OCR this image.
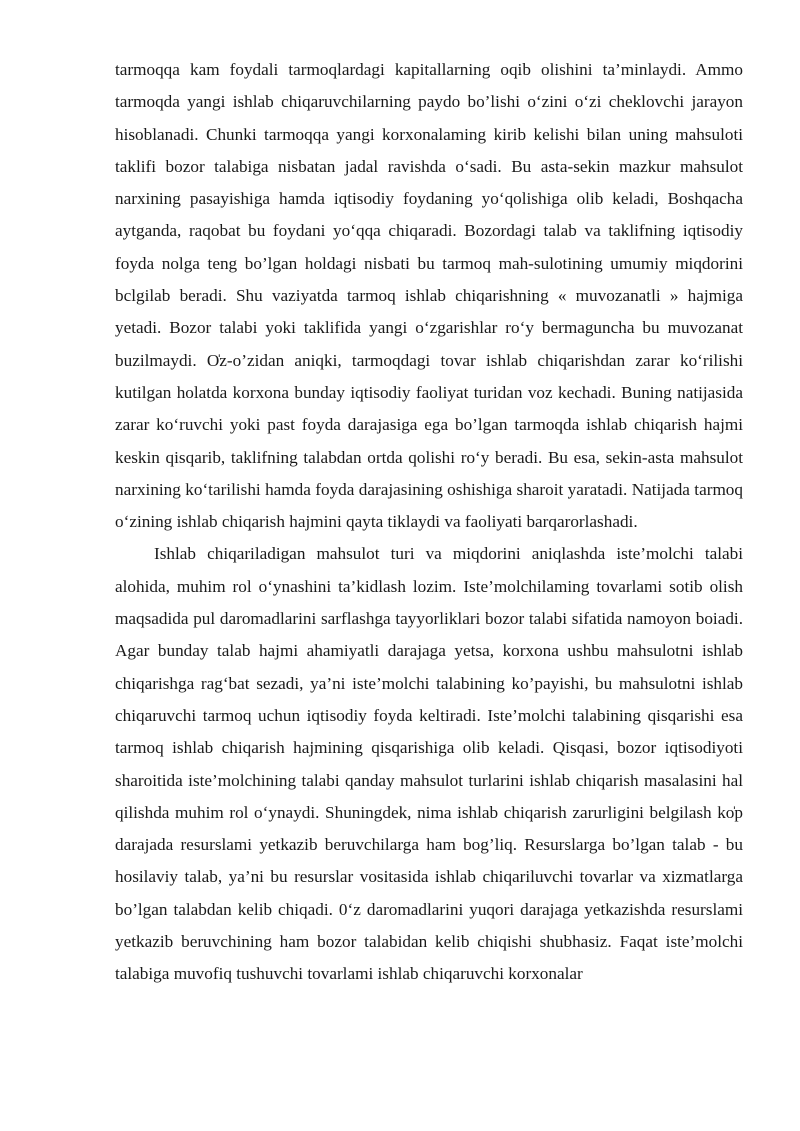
tarmoqqa kam foydali tarmoqlardagi kapitallarning oqib olishini ta’minlaydi. Ammo tarmoqda yangi ishlab chiqaruvchilarning paydo bo’lishi o‘zini o‘zi cheklovchi jarayon hisoblanadi. Chunki tarmoqqa yangi korxonalaming kirib kelishi bilan uning mahsuloti taklifi bozor talabiga nisbatan jadal ravishda o‘sadi. Bu asta-sekin mazkur mahsulot narxining pasayishiga hamda iqtisodiy foydaning yo‘qolishiga olib keladi, Boshqacha aytganda, raqobat bu foydani yo‘qqa chiqaradi. Bozordagi talab va taklifning iqtisodiy foyda nolga teng bo’lgan holdagi nisbati bu tarmoq mah-sulotining umumiy miqdorini bclgilab beradi. Shu vaziyatda tarmoq ishlab chiqarishning « muvozanatli » hajmiga yetadi. Bozor talabi yoki taklifida yangi o‘zgarishlar ro‘y bermaguncha bu muvozanat buzilmaydi. O̍z-o’zidan aniqki, tarmoqdagi tovar ishlab chiqarishdan zarar ko‘rilishi kutilgan holatda korxona bunday iqtisodiy faoliyat turidan voz kechadi. Buning natijasida zarar ko‘ruvchi yoki past foyda darajasiga ega bo’lgan tarmoqda ishlab chiqarish hajmi keskin qisqarib, taklifning talabdan ortda qolishi ro‘y beradi. Bu esa, sekin-asta mahsulot narxining ko‘tarilishi hamda foyda darajasining oshishiga sharoit yaratadi. Natijada tarmoq o‘zining ishlab chiqarish hajmini qayta tiklaydi va faoliyati barqarorlashadi.

Ishlab chiqariladigan mahsulot turi va miqdorini aniqlashda iste’molchi talabi alohida, muhim rol o‘ynashini ta’kidlash lozim. Iste’molchilaming tovarlami sotib olish maqsadida pul daromadlarini sarflashga tayyorliklari bozor talabi sifatida namoyon boiadi. Agar bunday talab hajmi ahamiyatli darajaga yetsa, korxona ushbu mahsulotni ishlab chiqarishga rag‘bat sezadi, ya’ni iste’molchi talabining ko’payishi, bu mahsulotni ishlab chiqaruvchi tarmoq uchun iqtisodiy foyda keltiradi. Iste’molchi talabining qisqarishi esa tarmoq ishlab chiqarish hajmining qisqarishiga olib keladi. Qisqasi, bozor iqtisodiyoti sharoitida iste’molchining talabi qanday mahsulot turlarini ishlab chiqarish masalasini hal qilishda muhim rol o‘ynaydi. Shuningdek, nima ishlab chiqarish zarurligini belgilash ko̍p darajada resurslami yetkazib beruvchilarga ham bog’liq. Resurslarga bo’lgan talab - bu hosilaviy talab, ya’ni bu resurslar vositasida ishlab chiqariluvchi tovarlar va xizmatlarga bo’lgan talabdan kelib chiqadi. 0‘z daromadlarini yuqori darajaga yetkazishda resurslami yetkazib beruvchining ham bozor talabidan kelib chiqishi shubhasiz. Faqat iste’molchi talabiga muvofiq tushuvchi tovarlami ishlab chiqaruvchi korxonalar
